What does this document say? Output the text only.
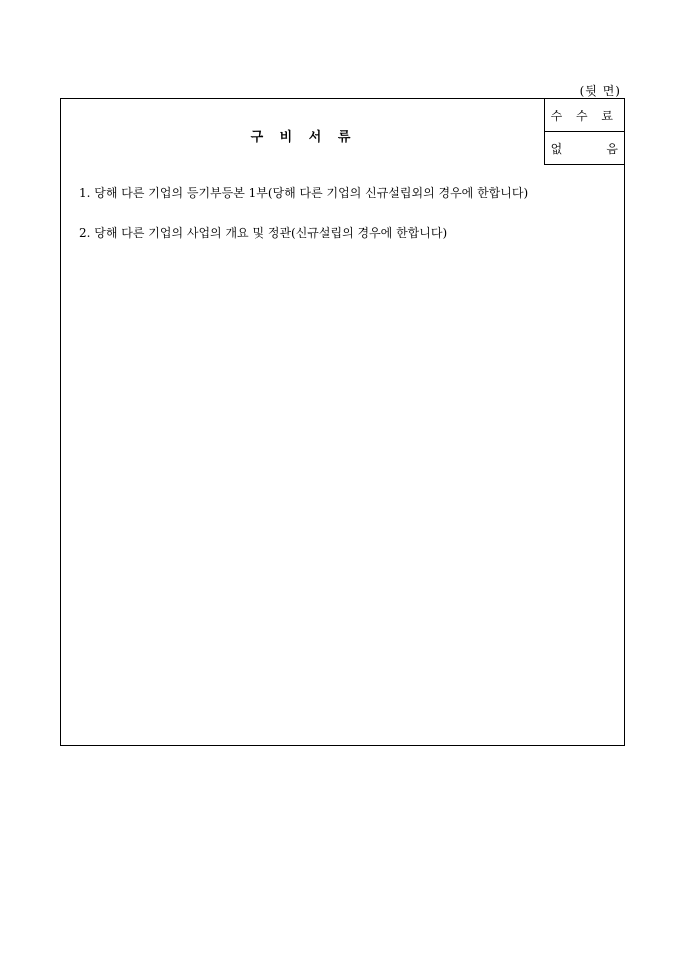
(뒷 면)
구 비 서 류
수 수 료

없	음
1. 당해 다른 기업의 등기부등본 1부(당해 다른 기업의 신규설립외의 경우에 한합니다)
2. 당해 다른 기업의 사업의 개요 및 정관(신규설립의 경우에 한합니다)
